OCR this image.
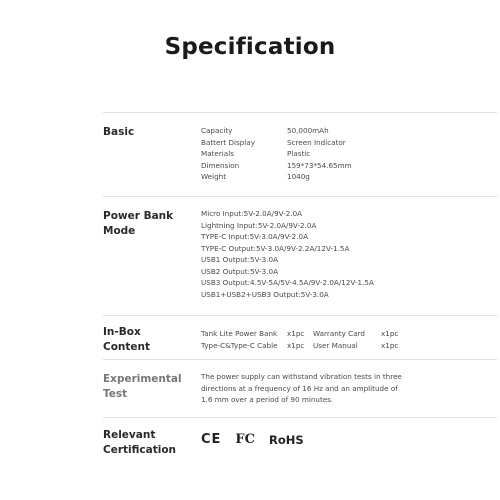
Specification
Basic	Capacity	50,000mAh
Battert Display	Screen Indicator
Materials	Plastic
Dimension	159*73*54.65mm
Weight	1040g
Power Bank
Mode
Micro Input:5V-2.0A/9V-2.0A
Lightning Input:5V-2.0A/9V-2.0A
TYPE-C Input:5V-3.0A/9V-2.0A
TYPE-C Output:5V-3.0A/9V-2.2A/12V-1.5A
USB1 Output:5V-3.0A
USB2 Output:5V-3.0A
USB3 Output:4.5V-5A/5V-4.5A/9V-2.0A/12V-1.5A
USB1+USB2+USB3 Output:5V-3.0A
In-Box
Content
Tank Lite Power Bank	x1pc	Warranty Card	x1pc
Type-C&Type-C Cable	x1pc	User Manual	x1pc
Experimental
Test
The power supply can withstand vibration tests in three directions at a frequency of 16 Hz and an amplitude of 1.6 mm over a period of 90 minutes.
Relevant
Certification
CE FC RoHS
